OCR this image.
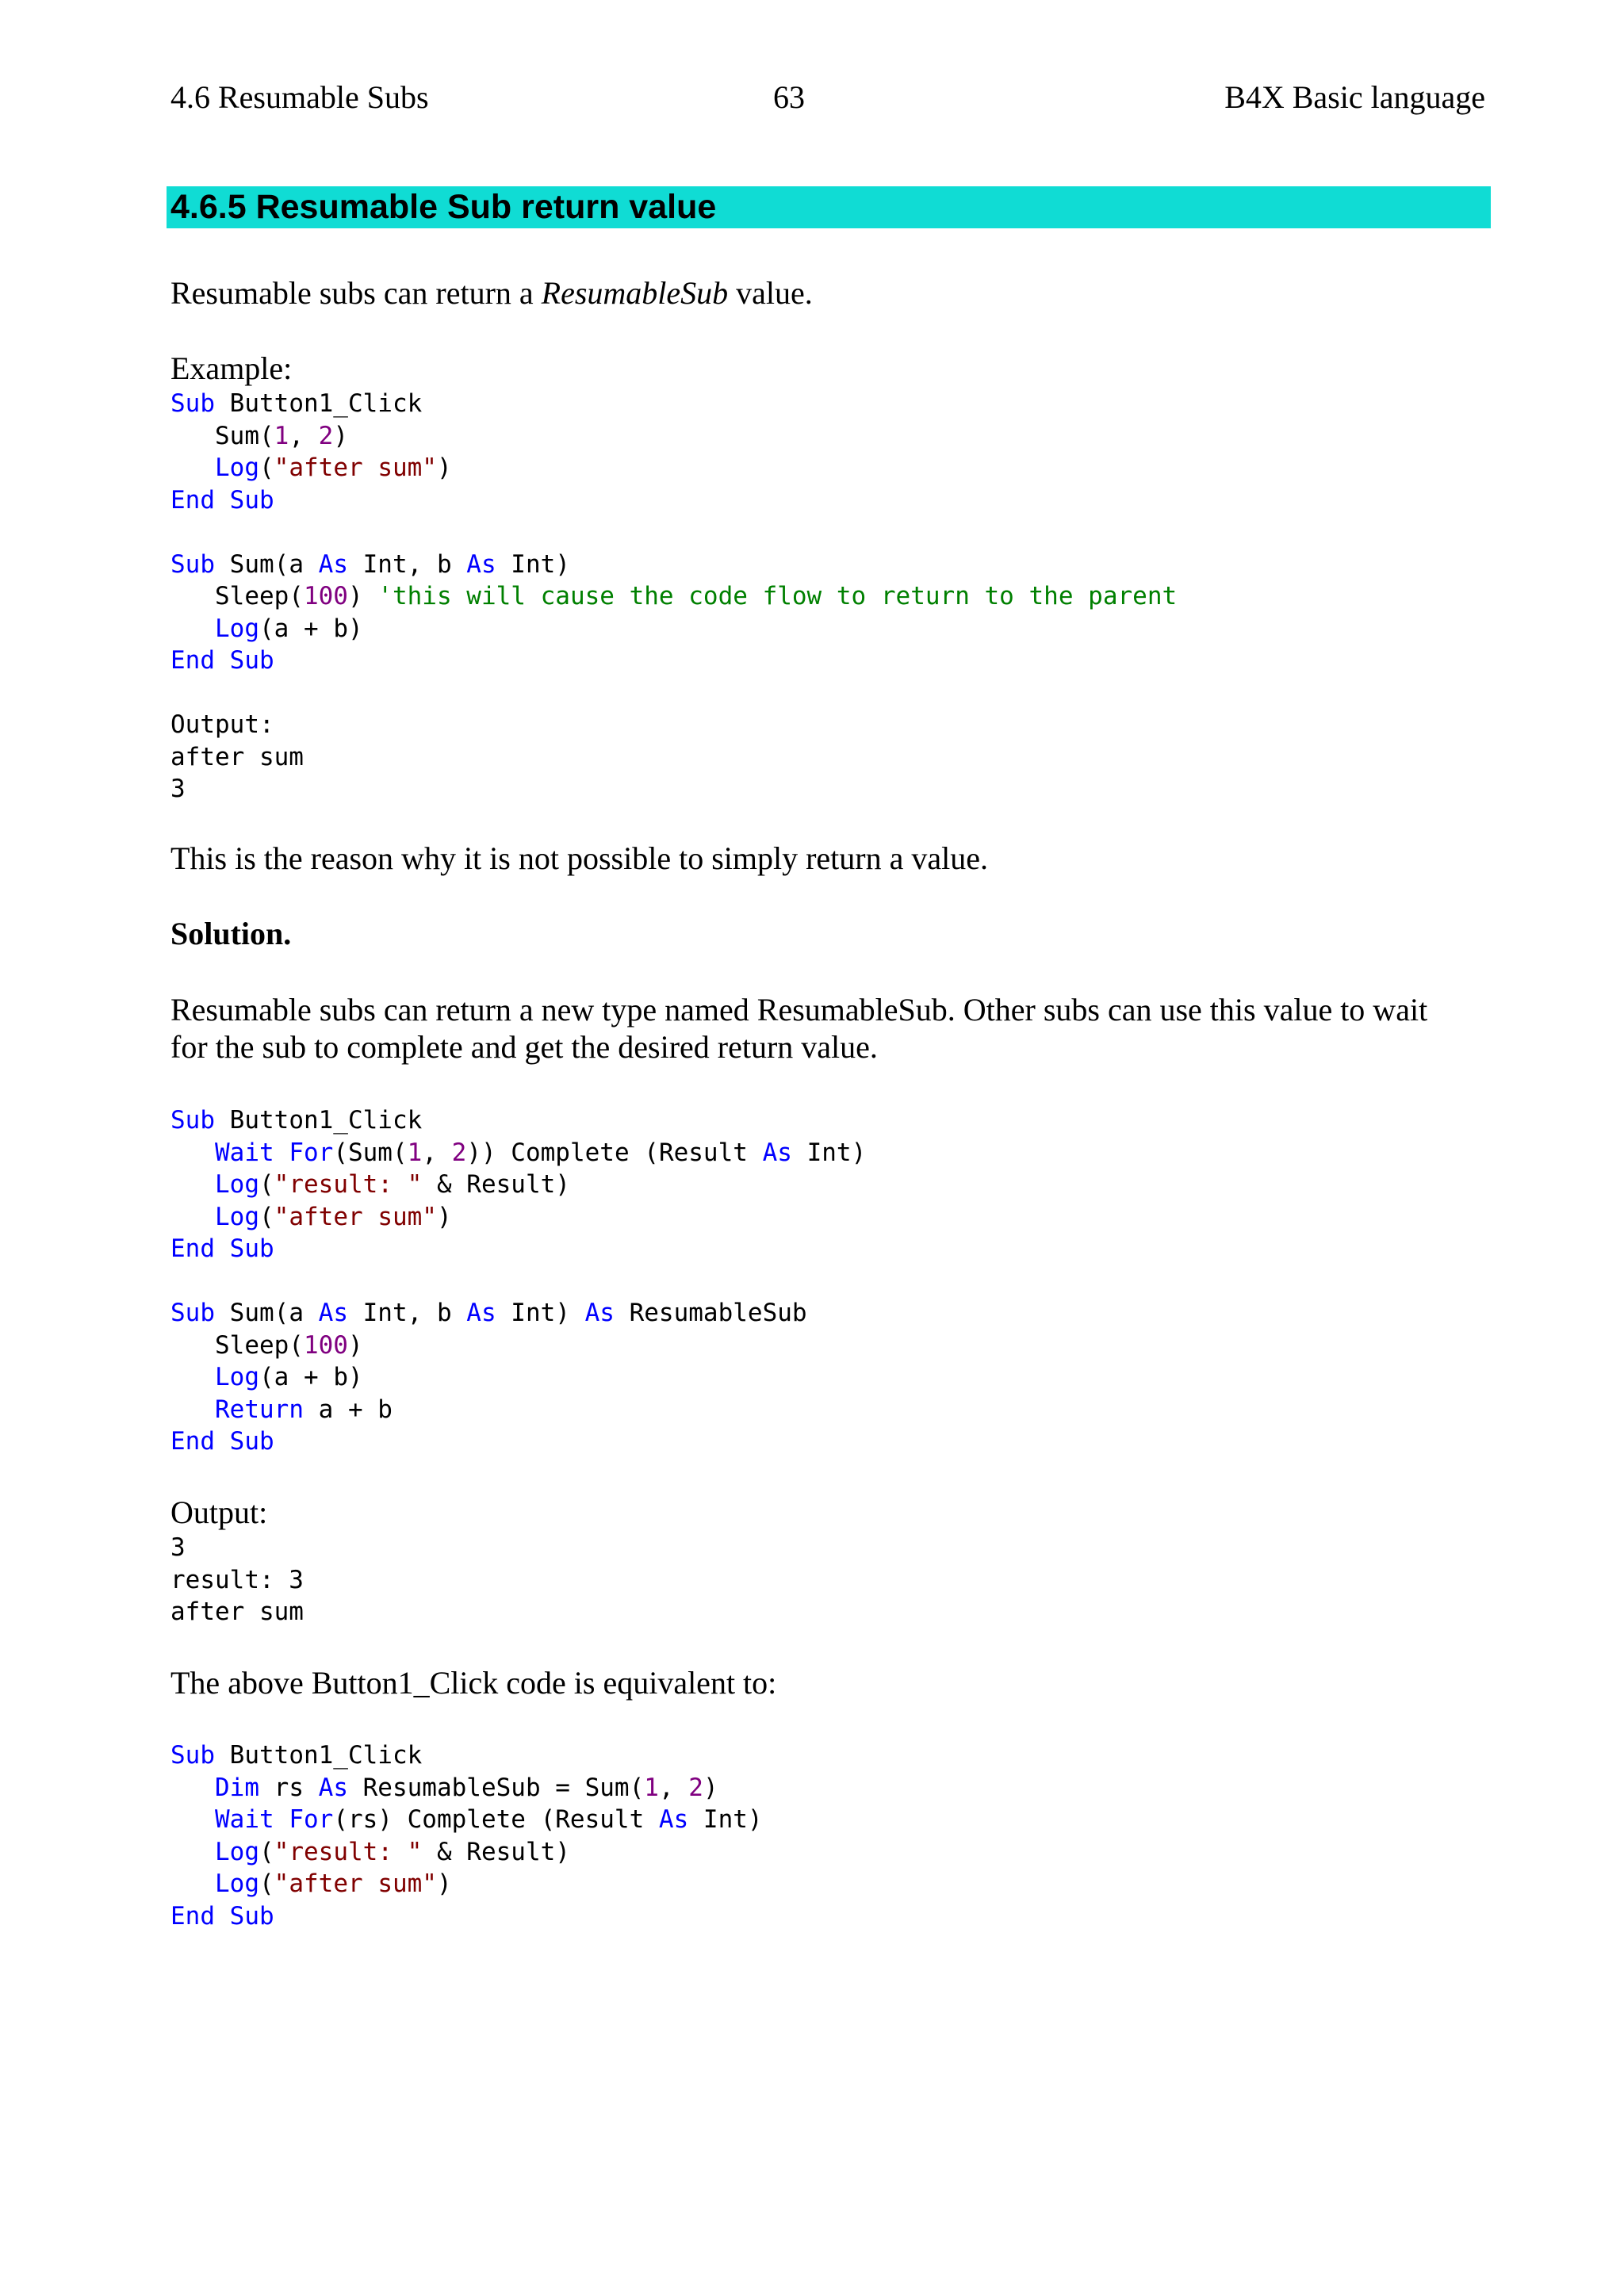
4.6 Resumable Subs	63	B4X Basic language
4.6.5 Resumable Sub return value
Resumable subs can return a ResumableSub value.
Example:
Sub Button1_Click
Sum(1, 2)
Log("after sum")
End Sub
Sub Sum(a As Int, b As Int)
Sleep(100) 'this will cause the code flow to return to the parent
Log(a + b)
End Sub
Output:
after sum
3
This is the reason why it is not possible to simply return a value.
Solution.
Resumable subs can return a new type named ResumableSub. Other subs can use this value to wait
for the sub to complete and get the desired return value.
Sub Button1_Click
Wait For(Sum(1, 2)) Complete (Result As Int)
Log("result: " & Result)
Log("after sum")
End Sub
Sub Sum(a As Int, b As Int) As ResumableSub
Sleep(100)
Log(a + b)
Return a + b
End Sub
Output:
3
result: 3
after sum
The above Button1_Click code is equivalent to:
Sub Button1_Click
Dim rs As ResumableSub = Sum(1, 2)
Wait For(rs) Complete (Result As Int)
Log("result: " & Result)
Log("after sum")
End Sub
